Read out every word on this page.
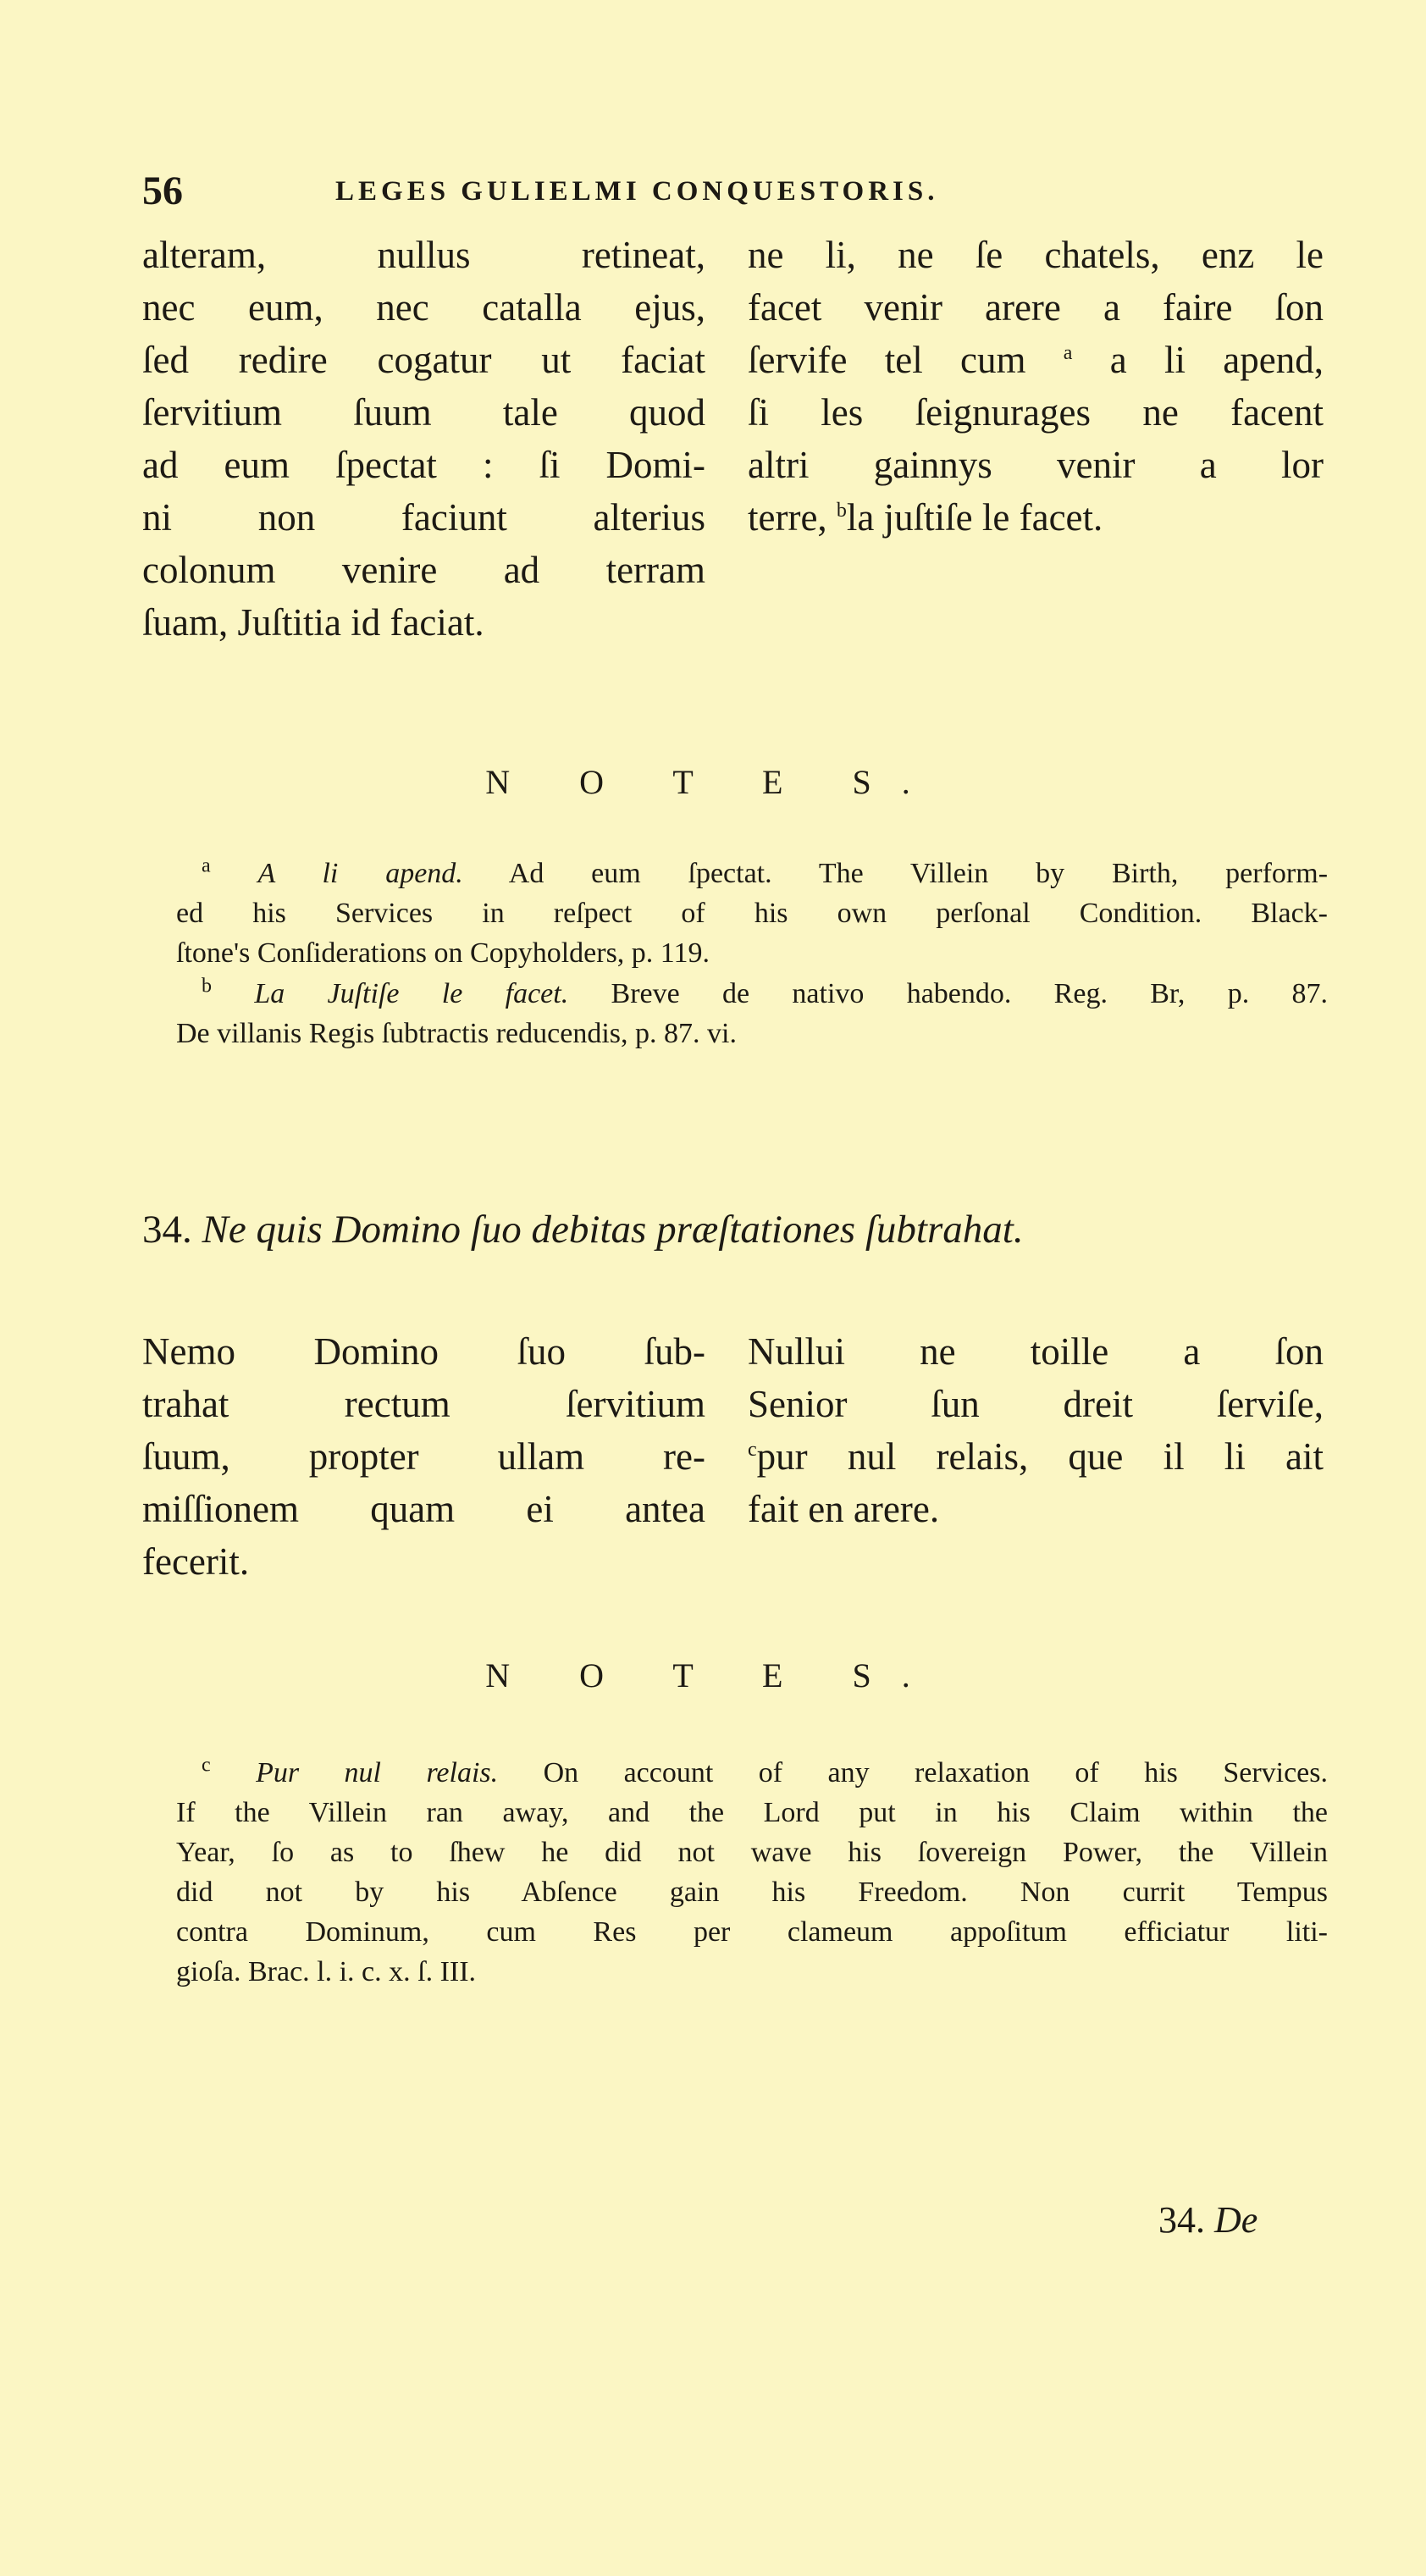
56	LEGES GULIELMI CONQUESTORIS.
alteram, nullus retineat,
nec eum, nec catalla ejus,
ſed redire cogatur ut faciat
ſervitium ſuum tale quod
ad eum ſpectat : ſi Domi-
ni non faciunt alterius
colonum venire ad terram
ſuam, Juſtitia id faciat.
ne li, ne ſe chatels, enz le
facet venir arere a faire ſon
ſervife tel cum $^a$ a li apend,
ſi les ſeignurages ne facent
altri gainnys venir a lor
terre, $^b$la juſtiſe le facet.
N O T E S.
$^a$ A li apend. Ad eum ſpectat. The Villein by Birth, perform-
ed his Services in reſpect of his own perſonal Condition. Black-
ſtone's Conſiderations on Copyholders, p. 119.
$^b$ La Juſtiſe le facet. Breve de nativo habendo. Reg. Br, p. 87.
De villanis Regis ſubtractis reducendis, p. 87. vi.
34. Ne quis Domino ſuo debitas præſtationes ſubtrahat.
Nemo Domino ſuo ſub-
trahat rectum ſervitium
ſuum, propter ullam re-
miſſionem quam ei antea
fecerit.
Nullui ne toille a ſon
Senior ſun dreit ſerviſe,
$^c$pur nul relais, que il li ait
fait en arere.
N O T E S.
$^c$ Pur nul relais. On account of any relaxation of his Services.
If the Villein ran away, and the Lord put in his Claim within the
Year, ſo as to ſhew he did not wave his ſovereign Power, the Villein
did not by his Abſence gain his Freedom. Non currit Tempus
contra Dominum, cum Res per clameum appoſitum efficiatur liti-
gioſa. Brac. l. i. c. x. ſ. III.
34. De
